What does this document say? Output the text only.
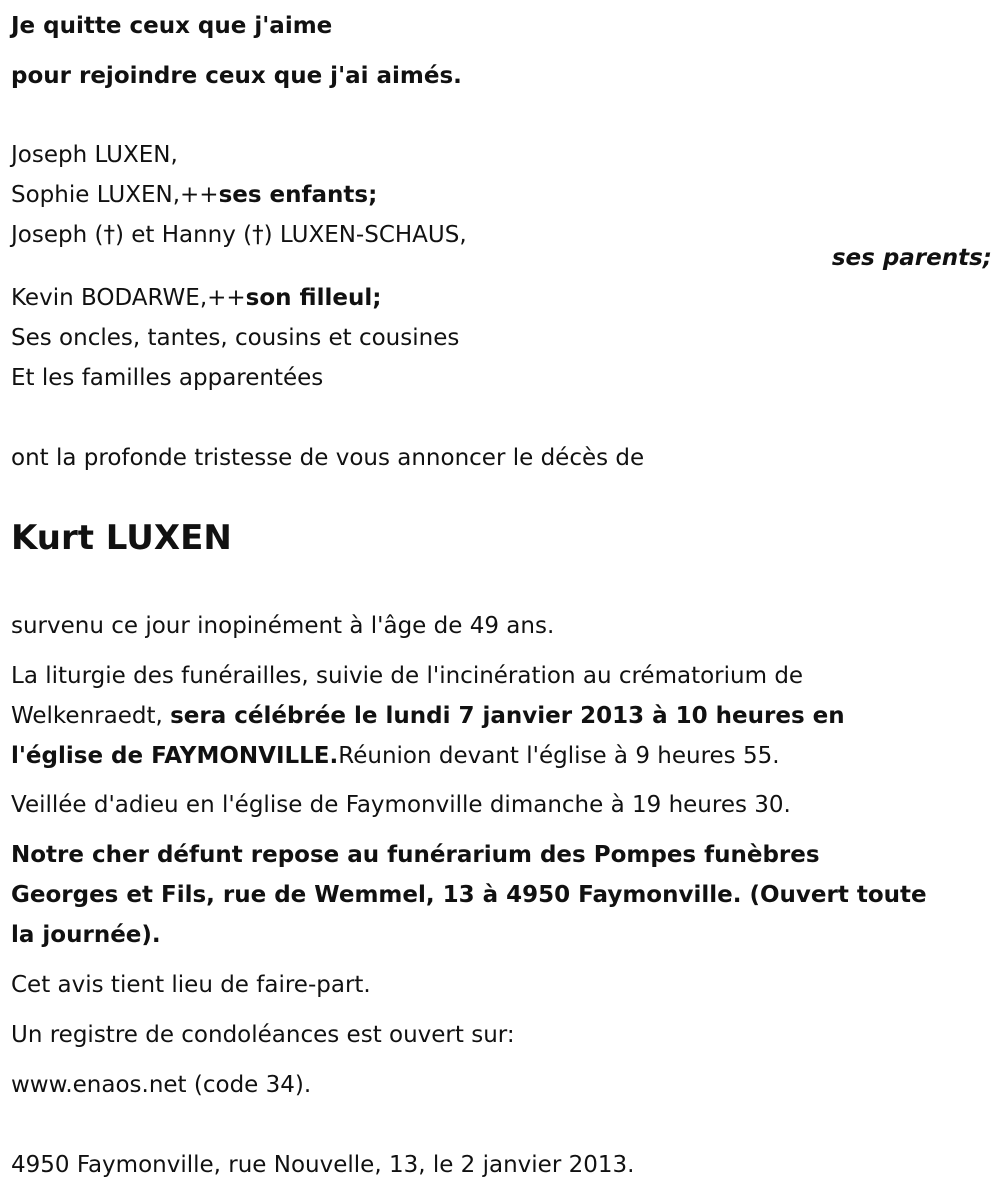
Je quitte ceux que j'aime
pour rejoindre ceux que j'ai aimés.
Joseph LUXEN,
Sophie LUXEN,++ses enfants;
Joseph (†) et Hanny (†) LUXEN-SCHAUS,
ses parents;
Kevin BODARWE,++son filleul;
Ses oncles, tantes, cousins et cousines
Et les familles apparentées
ont la profonde tristesse de vous annoncer le décès de
Kurt LUXEN
survenu ce jour inopinément à l'âge de 49 ans.
La liturgie des funérailles, suivie de l'incinération au crématorium de
Welkenraedt, sera célébrée le lundi 7 janvier 2013 à 10 heures en
l'église de FAYMONVILLE.Réunion devant l'église à 9 heures 55.
Veillée d'adieu en l'église de Faymonville dimanche à 19 heures 30.
Notre cher défunt repose au funérarium des Pompes funèbres
Georges et Fils, rue de Wemmel, 13 à 4950 Faymonville. (Ouvert toute
la journée).
Cet avis tient lieu de faire-part.
Un registre de condoléances est ouvert sur:
www.enaos.net (code 34).
4950 Faymonville, rue Nouvelle, 13, le 2 janvier 2013.
